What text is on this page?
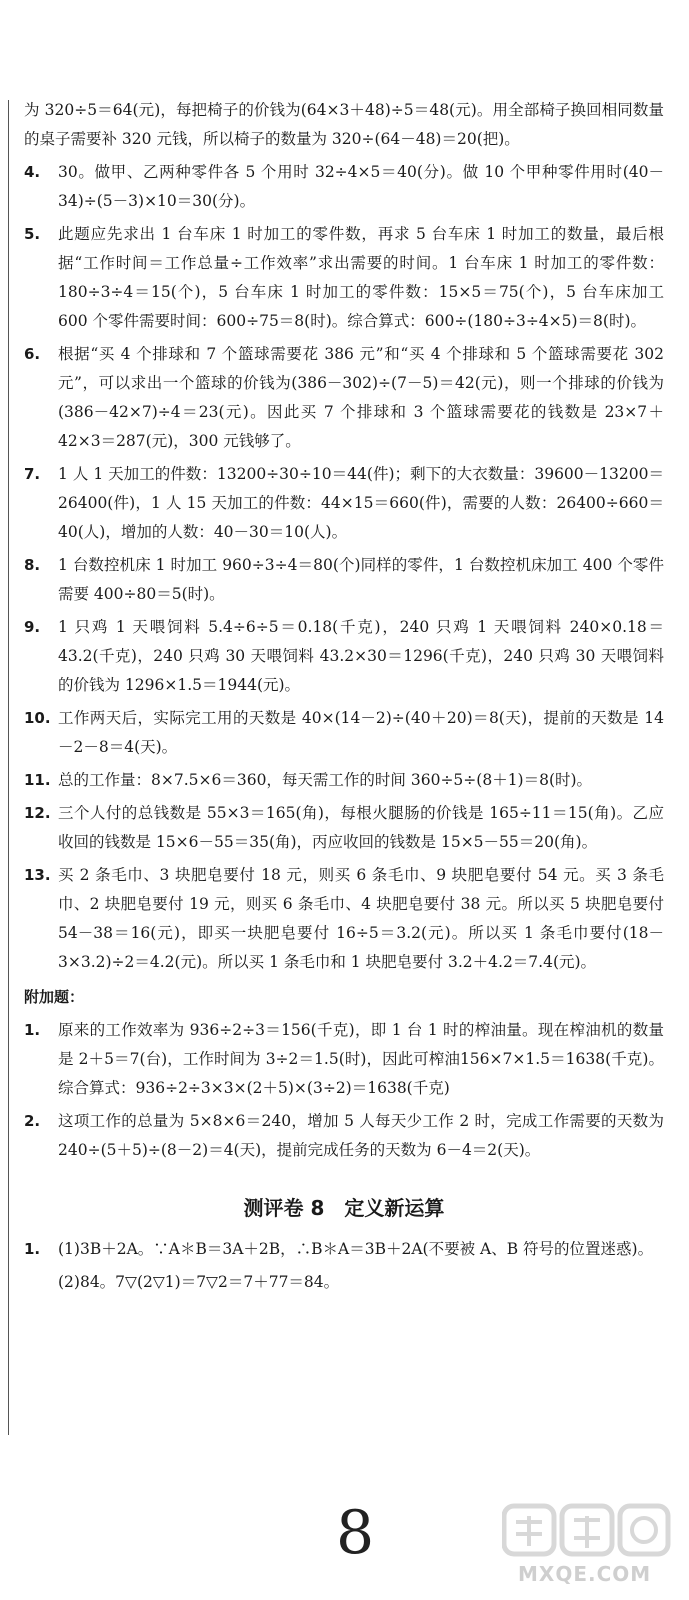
为 320÷5＝64(元)，每把椅子的价钱为(64×3＋48)÷5＝48(元)。用全部椅子换回相同数量的桌子需要补 320 元钱，所以椅子的数量为 320÷(64－48)＝20(把)。

4. 30。做甲、乙两种零件各 5 个用时 32÷4×5＝40(分)。做 10 个甲种零件用时(40－34)÷(5－3)×10＝30(分)。
5. 此题应先求出 1 台车床 1 时加工的零件数，再求 5 台车床 1 时加工的数量，最后根据“工作时间＝工作总量÷工作效率”求出需要的时间。1 台车床 1 时加工的零件数：180÷3÷4＝15(个)，5 台车床 1 时加工的零件数：15×5＝75(个)，5 台车床加工 600 个零件需要时间：600÷75＝8(时)。综合算式：600÷(180÷3÷4×5)＝8(时)。
6. 根据“买 4 个排球和 7 个篮球需要花 386 元”和“买 4 个排球和 5 个篮球需要花 302 元”，可以求出一个篮球的价钱为(386－302)÷(7－5)＝42(元)，则一个排球的价钱为(386－42×7)÷4＝23(元)。因此买 7 个排球和 3 个篮球需要花的钱数是 23×7＋42×3＝287(元)，300 元钱够了。
7. 1 人 1 天加工的件数：13200÷30÷10＝44(件)；剩下的大衣数量：39600－13200＝26400(件)，1 人 15 天加工的件数：44×15＝660(件)，需要的人数：26400÷660＝40(人)，增加的人数：40－30＝10(人)。
8. 1 台数控机床 1 时加工 960÷3÷4＝80(个)同样的零件，1 台数控机床加工 400 个零件需要 400÷80＝5(时)。
9. 1 只鸡 1 天喂饲料 5.4÷6÷5＝0.18(千克)，240 只鸡 1 天喂饲料 240×0.18＝43.2(千克)，240 只鸡 30 天喂饲料 43.2×30＝1296(千克)，240 只鸡 30 天喂饲料的价钱为 1296×1.5＝1944(元)。
10. 工作两天后，实际完工用的天数是 40×(14－2)÷(40＋20)＝8(天)，提前的天数是 14－2－8＝4(天)。
11. 总的工作量：8×7.5×6＝360，每天需工作的时间 360÷5÷(8＋1)＝8(时)。
12. 三个人付的总钱数是 55×3＝165(角)，每根火腿肠的价钱是 165÷11＝15(角)。乙应收回的钱数是 15×6－55＝35(角)，丙应收回的钱数是 15×5－55＝20(角)。
13. 买 2 条毛巾、3 块肥皂要付 18 元，则买 6 条毛巾、9 块肥皂要付 54 元。买 3 条毛巾、2 块肥皂要付 19 元，则买 6 条毛巾、4 块肥皂要付 38 元。所以买 5 块肥皂要付 54－38＝16(元)，即买一块肥皂要付 16÷5＝3.2(元)。所以买 1 条毛巾要付(18－3×3.2)÷2＝4.2(元)。所以买 1 条毛巾和 1 块肥皂要付 3.2＋4.2＝7.4(元)。
附加题：
1. 原来的工作效率为 936÷2÷3＝156(千克)，即 1 台 1 时的榨油量。现在榨油机的数量是 2＋5＝7(台)，工作时间为 3÷2＝1.5(时)，因此可榨油156×7×1.5＝1638(千克)。综合算式：936÷2÷3×3×(2＋5)×(3÷2)＝1638(千克)
2. 这项工作的总量为 5×8×6＝240，增加 5 人每天少工作 2 时，完成工作需要的天数为 240÷(5＋5)÷(8－2)＝4(天)，提前完成任务的天数为 6－4＝2(天)。
测评卷 8　定义新运算
1. (1)3B＋2A。∵A＊B＝3A＋2B，∴B＊A＝3B＋2A(不要被 A、B 符号的位置迷惑)。
(2)84。7▽(2▽1)＝7▽2＝7＋77＝84。
8
MXQE.COM
